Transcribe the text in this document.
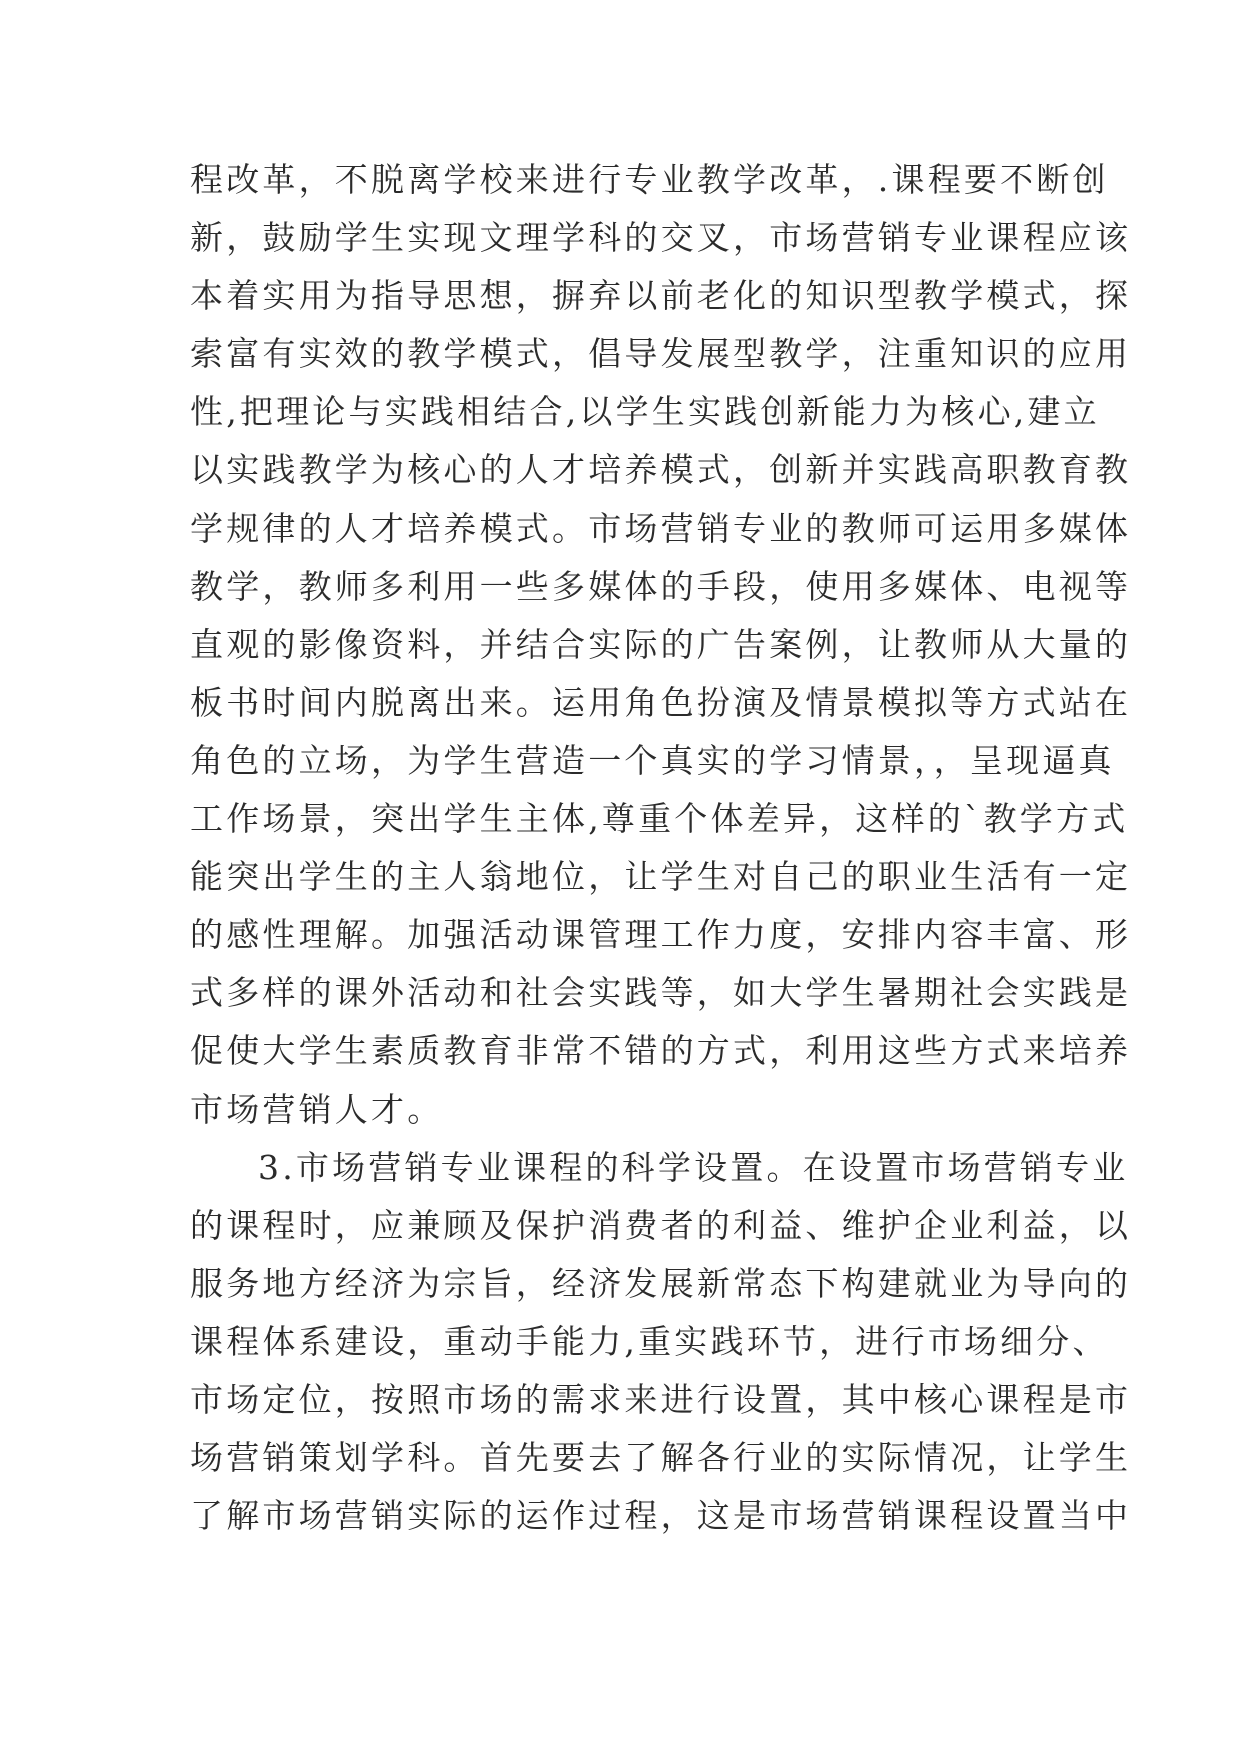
程改革，不脱离学校来进行专业教学改革，.课程要不断创
新，鼓励学生实现文理学科的交叉，市场营销专业课程应该
本着实用为指导思想，摒弃以前老化的知识型教学模式，探
索富有实效的教学模式，倡导发展型教学，注重知识的应用
性,把理论与实践相结合,以学生实践创新能力为核心,建立
以实践教学为核心的人才培养模式，创新并实践高职教育教
学规律的人才培养模式。市场营销专业的教师可运用多媒体
教学，教师多利用一些多媒体的手段，使用多媒体、电视等
直观的影像资料，并结合实际的广告案例，让教师从大量的
板书时间内脱离出来。运用角色扮演及情景模拟等方式站在
角色的立场，为学生营造一个真实的学习情景，，呈现逼真
工作场景，突出学生主体,尊重个体差异，这样的`教学方式
能突出学生的主人翁地位，让学生对自己的职业生活有一定
的感性理解。加强活动课管理工作力度，安排内容丰富、形
式多样的课外活动和社会实践等，如大学生暑期社会实践是
促使大学生素质教育非常不错的方式，利用这些方式来培养
市场营销人才。
3.市场营销专业课程的科学设置。在设置市场营销专业
的课程时，应兼顾及保护消费者的利益、维护企业利益，以
服务地方经济为宗旨，经济发展新常态下构建就业为导向的
课程体系建设，重动手能力,重实践环节，进行市场细分、
市场定位，按照市场的需求来进行设置，其中核心课程是市
场营销策划学科。首先要去了解各行业的实际情况，让学生
了解市场营销实际的运作过程，这是市场营销课程设置当中
